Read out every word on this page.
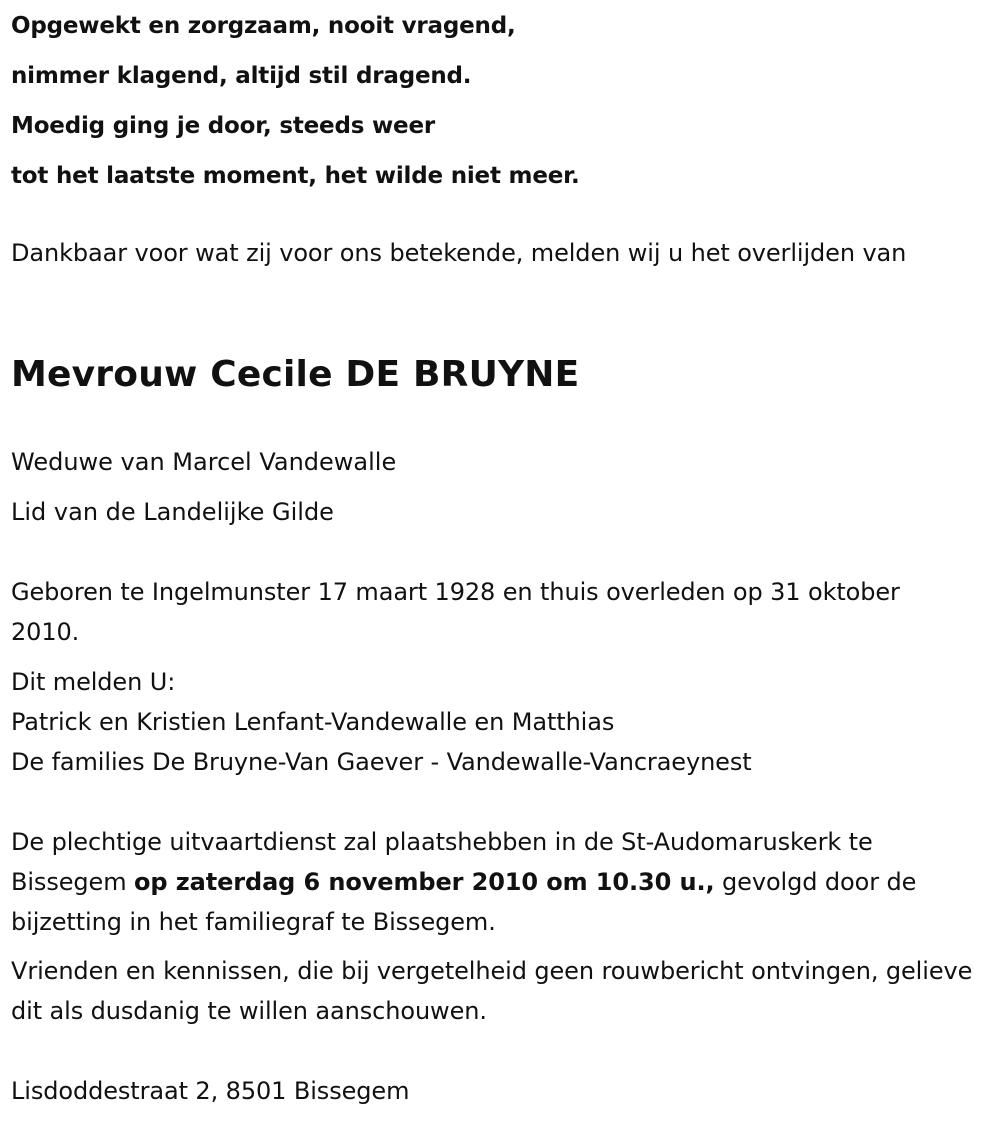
Opgewekt en zorgzaam, nooit vragend,
nimmer klagend, altijd stil dragend.
Moedig ging je door, steeds weer
tot het laatste moment, het wilde niet meer.
Dankbaar voor wat zij voor ons betekende, melden wij u het overlijden van
Mevrouw Cecile DE BRUYNE
Weduwe van Marcel Vandewalle
Lid van de Landelijke Gilde
Geboren te Ingelmunster 17 maart 1928 en thuis overleden op 31 oktober 2010.
Dit melden U:
Patrick en Kristien Lenfant-Vandewalle en Matthias
De families De Bruyne-Van Gaever - Vandewalle-Vancraeynest
De plechtige uitvaartdienst zal plaatshebben in de St-Audomaruskerk te Bissegem op zaterdag 6 november 2010 om 10.30 u., gevolgd door de bijzetting in het familiegraf te Bissegem.
Vrienden en kennissen, die bij vergetelheid geen rouwbericht ontvingen, gelieve dit als dusdanig te willen aanschouwen.
Lisdoddestraat 2, 8501 Bissegem
